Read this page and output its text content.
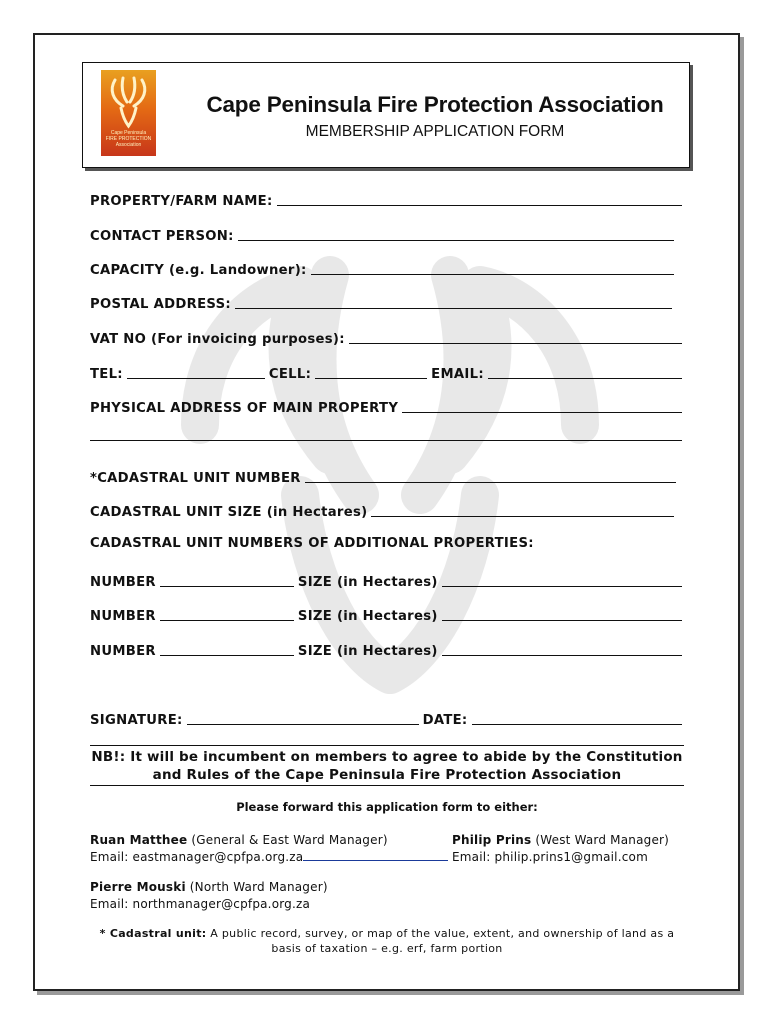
Cape Peninsula
FIRE PROTECTION
Association
Cape Peninsula Fire Protection Association
MEMBERSHIP APPLICATION FORM
PROPERTY/FARM NAME:
CONTACT PERSON:
CAPACITY (e.g. Landowner):
POSTAL ADDRESS:
VAT NO (For invoicing purposes):
TEL:	CELL:	EMAIL:
PHYSICAL ADDRESS OF MAIN PROPERTY
*CADASTRAL UNIT NUMBER
CADASTRAL UNIT SIZE (in Hectares)
CADASTRAL UNIT NUMBERS OF ADDITIONAL PROPERTIES:
NUMBER	SIZE (in Hectares)
NUMBER	SIZE (in Hectares)
NUMBER	SIZE (in Hectares)
SIGNATURE:	DATE:
NB!: It will be incumbent on members to agree to abide by the Constitution
and Rules of the Cape Peninsula Fire Protection Association
Please forward this application form to either:
Ruan Matthee (General & East Ward Manager)
Email: eastmanager@cpfpa.org.za
Philip Prins (West Ward Manager)
Email: philip.prins1@gmail.com
Pierre Mouski (North Ward Manager)
Email: northmanager@cpfpa.org.za
* Cadastral unit: A public record, survey, or map of the value, extent, and ownership of land as a
basis of taxation – e.g. erf, farm portion
